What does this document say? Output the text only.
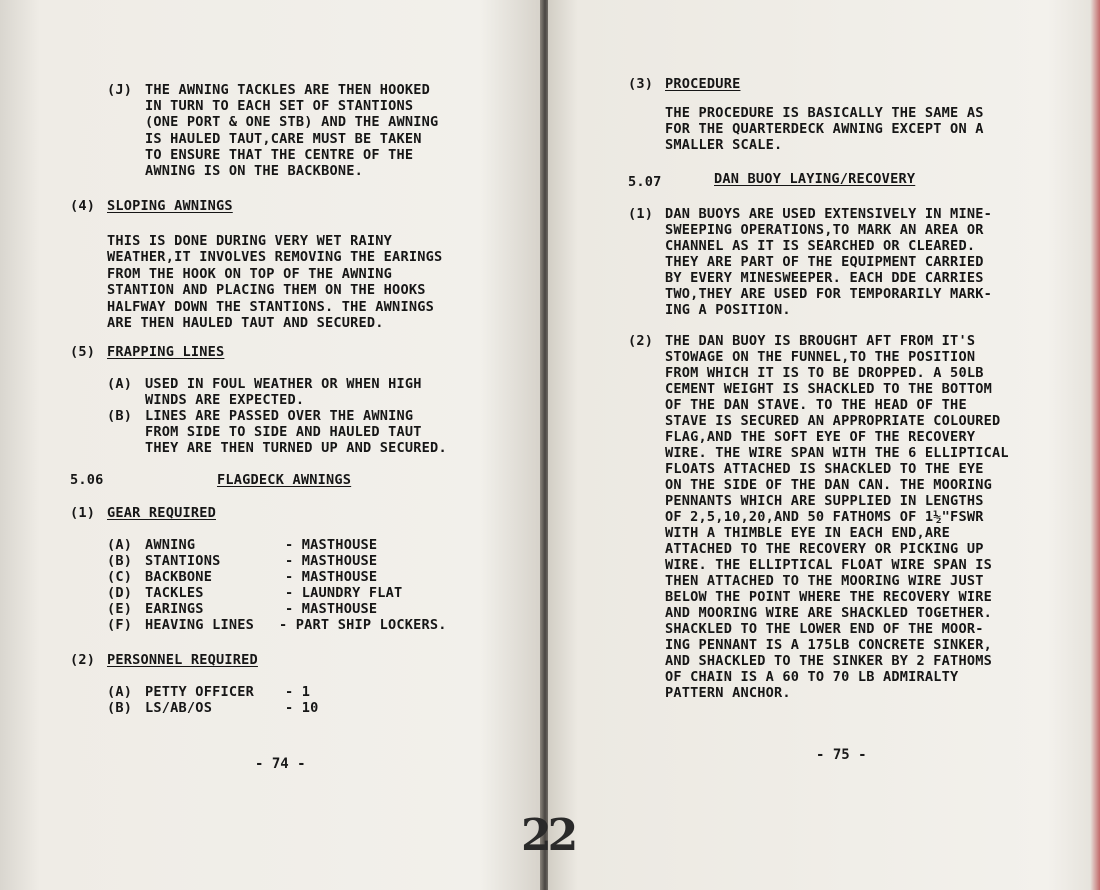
(J) THE AWNING TACKLES ARE THEN HOOKED
IN TURN TO EACH SET OF STANTIONS
(ONE PORT & ONE STB) AND THE AWNING
IS HAULED TAUT,CARE MUST BE TAKEN
TO ENSURE THAT THE CENTRE OF THE
AWNING IS ON THE BACKBONE.
(4) SLOPING AWNINGS
THIS IS DONE DURING VERY WET RAINY
WEATHER,IT INVOLVES REMOVING THE EARINGS
FROM THE HOOK ON TOP OF THE AWNING
STANTION AND PLACING THEM ON THE HOOKS
HALFWAY DOWN THE STANTIONS. THE AWNINGS
ARE THEN HAULED TAUT AND SECURED.
(5) FRAPPING LINES
(A) USED IN FOUL WEATHER OR WHEN HIGH
WINDS ARE EXPECTED.
(B) LINES ARE PASSED OVER THE AWNING
FROM SIDE TO SIDE AND HAULED TAUT
THEY ARE THEN TURNED UP AND SECURED.
5.06	FLAGDECK AWNINGS
(1) GEAR REQUIRED
(A) AWNING	- MASTHOUSE
(B) STANTIONS	- MASTHOUSE
(C) BACKBONE	- MASTHOUSE
(D) TACKLES	- LAUNDRY FLAT
(E) EARINGS	- MASTHOUSE
(F) HEAVING LINES - PART SHIP LOCKERS.
(2) PERSONNEL REQUIRED
(A) PETTY OFFICER - 1
(B) LS/AB/OS	- 10
- 74 -
(3) PROCEDURE
THE PROCEDURE IS BASICALLY THE SAME AS
FOR THE QUARTERDECK AWNING EXCEPT ON A
SMALLER SCALE.
5.07	DAN BUOY LAYING/RECOVERY
(1) DAN BUOYS ARE USED EXTENSIVELY IN MINE-
SWEEPING OPERATIONS,TO MARK AN AREA OR
CHANNEL AS IT IS SEARCHED OR CLEARED.
THEY ARE PART OF THE EQUIPMENT CARRIED
BY EVERY MINESWEEPER. EACH DDE CARRIES
TWO,THEY ARE USED FOR TEMPORARILY MARK-
ING A POSITION.
(2) THE DAN BUOY IS BROUGHT AFT FROM IT'S
STOWAGE ON THE FUNNEL,TO THE POSITION
FROM WHICH IT IS TO BE DROPPED. A 50LB
CEMENT WEIGHT IS SHACKLED TO THE BOTTOM
OF THE DAN STAVE. TO THE HEAD OF THE
STAVE IS SECURED AN APPROPRIATE COLOURED
FLAG,AND THE SOFT EYE OF THE RECOVERY
WIRE. THE WIRE SPAN WITH THE 6 ELLIPTICAL
FLOATS ATTACHED IS SHACKLED TO THE EYE
ON THE SIDE OF THE DAN CAN. THE MOORING
PENNANTS WHICH ARE SUPPLIED IN LENGTHS
OF 2,5,10,20,AND 50 FATHOMS OF 1½"FSWR
WITH A THIMBLE EYE IN EACH END,ARE
ATTACHED TO THE RECOVERY OR PICKING UP
WIRE. THE ELLIPTICAL FLOAT WIRE SPAN IS
THEN ATTACHED TO THE MOORING WIRE JUST
BELOW THE POINT WHERE THE RECOVERY WIRE
AND MOORING WIRE ARE SHACKLED TOGETHER.
SHACKLED TO THE LOWER END OF THE MOOR-
ING PENNANT IS A 175LB CONCRETE SINKER,
AND SHACKLED TO THE SINKER BY 2 FATHOMS
OF CHAIN IS A 60 TO 70 LB ADMIRALTY
PATTERN ANCHOR.
- 75 -
22
